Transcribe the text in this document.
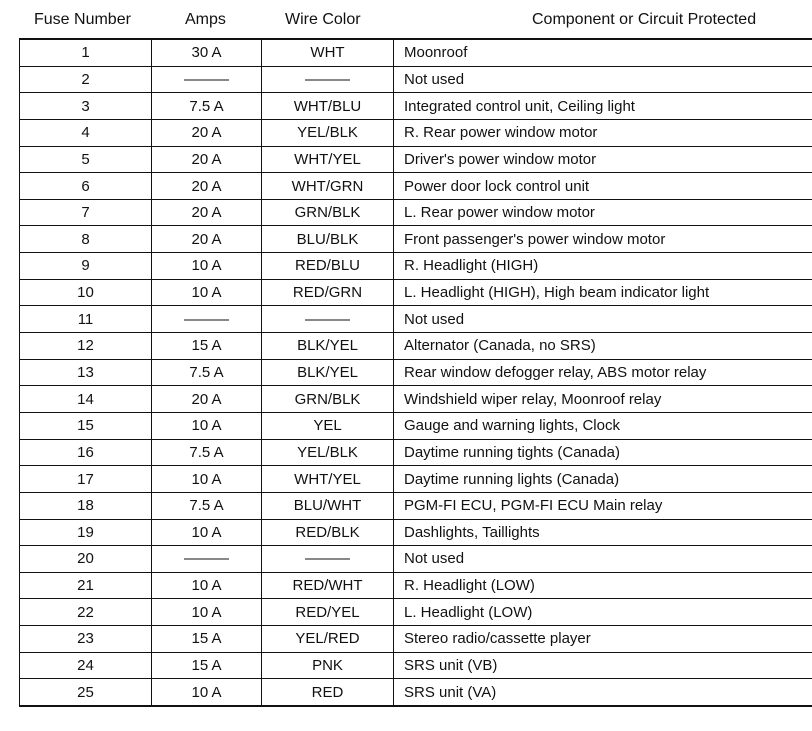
Fuse Number	Amps	Wire Color	Component or Circuit Protected
1	30 A	WHT	Moonroof
2	———	———	Not used
3	7.5 A	WHT/BLU	Integrated control unit, Ceiling light
4	20 A	YEL/BLK	R. Rear power window motor
5	20 A	WHT/YEL	Driver's power window motor
6	20 A	WHT/GRN	Power door lock control unit
7	20 A	GRN/BLK	L. Rear power window motor
8	20 A	BLU/BLK	Front passenger's power window motor
9	10 A	RED/BLU	R. Headlight (HIGH)
10	10 A	RED/GRN	L. Headlight (HIGH), High beam indicator light
11	———	———	Not used
12	15 A	BLK/YEL	Alternator (Canada, no SRS)
13	7.5 A	BLK/YEL	Rear window defogger relay, ABS motor relay
14	20 A	GRN/BLK	Windshield wiper relay, Moonroof relay
15	10 A	YEL	Gauge and warning lights, Clock
16	7.5 A	YEL/BLK	Daytime running tights (Canada)
17	10 A	WHT/YEL	Daytime running lights (Canada)
18	7.5 A	BLU/WHT	PGM-FI ECU, PGM-FI ECU Main relay
19	10 A	RED/BLK	Dashlights, Taillights
20	———	———	Not used
21	10 A	RED/WHT	R. Headlight (LOW)
22	10 A	RED/YEL	L. Headlight (LOW)
23	15 A	YEL/RED	Stereo radio/cassette player
24	15 A	PNK	SRS unit (VB)
25	10 A	RED	SRS unit (VA)
